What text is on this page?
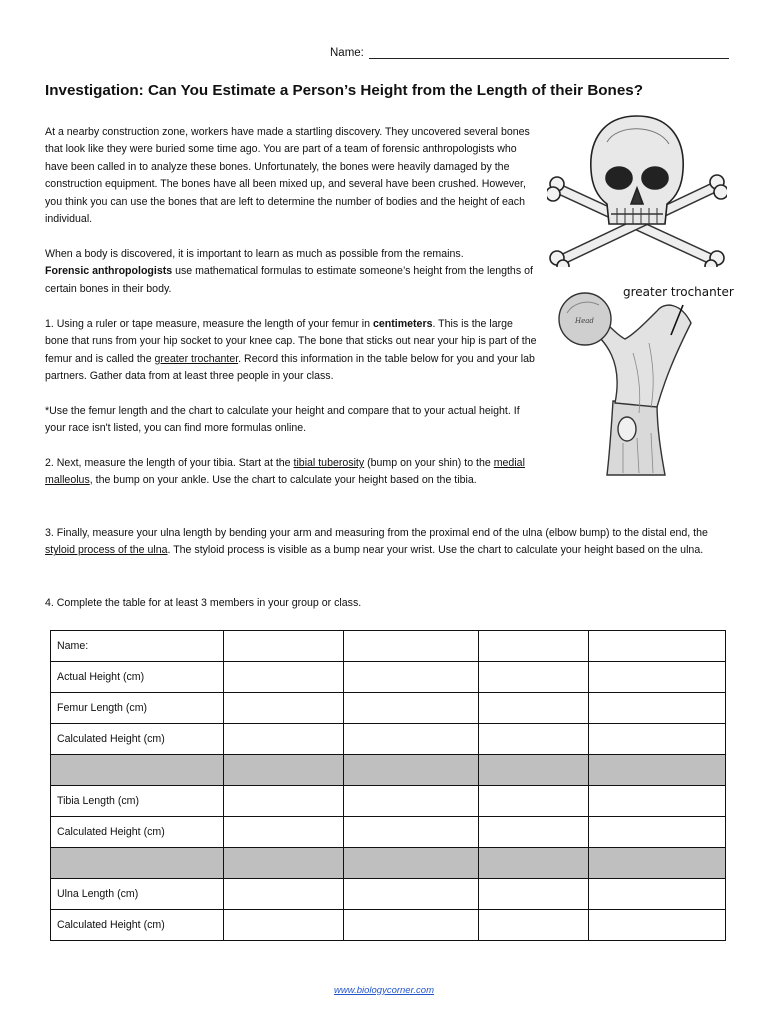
Name:
Investigation: Can You Estimate a Person’s Height from the Length of their Bones?

At a nearby construction zone, workers have made a startling discovery. They uncovered several bones that look like they were buried some time ago. You are part of a team of forensic anthropologists who have been called in to analyze these bones. Unfortunately, the bones were heavily damaged by the construction equipment. The bones have all been mixed up, and several have been crushed. However, you think you can use the bones that are left to determine the number of bodies and the height of each individual.

When a body is discovered, it is important to learn as much as possible from the remains.
Forensic anthropologists use mathematical formulas to estimate someone’s height from the lengths of certain bones in their body.

1. Using a ruler or tape measure, measure the length of your femur in centimeters. This is the large bone that runs from your hip socket to your knee cap. The bone that sticks out near your hip is part of the femur and is called the greater trochanter. Record this information in the table below for you and your lab partners. Gather data from at least three people in your class.

*Use the femur length and the chart to calculate your height and compare that to your actual height. If your race isn't listed, you can find more formulas online.

2. Next, measure the length of your tibia. Start at the tibial tuberosity (bump on your shin) to the medial malleolus, the bump on your ankle. Use the chart to calculate your height based on the tibia.

3. Finally, measure your ulna length by bending your arm and measuring from the proximal end of the ulna (elbow bump) to the distal end, the styloid process of the ulna. The styloid process is visible as a bump near your wrist. Use the chart to calculate your height based on the ulna.

4. Complete the table for at least 3 members in your group or class.

greater trochanter
Head
Name:				
Actual Height (cm)				
Femur Length (cm)				
Calculated Height (cm)				

Tibia Length (cm)				
Calculated Height (cm)				

Ulna Length (cm)				
Calculated Height (cm)				
www.biologycorner.com
